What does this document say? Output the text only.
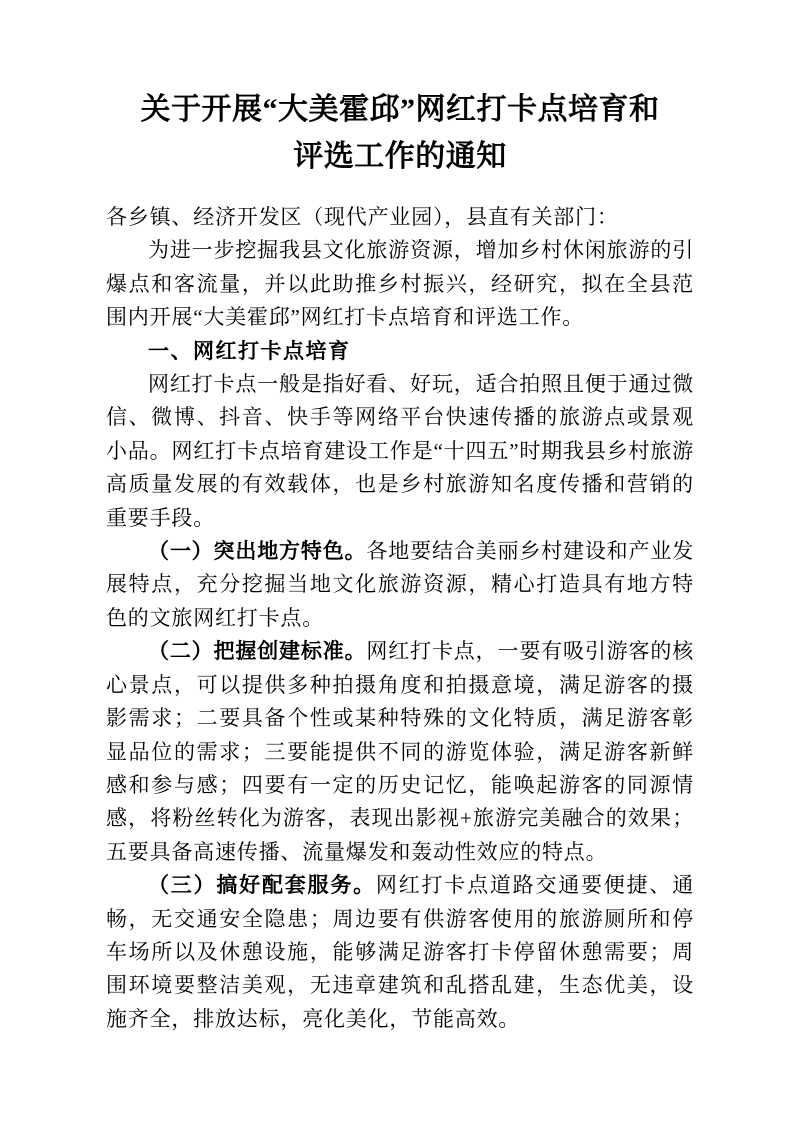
关于开展“大美霍邱”网红打卡点培育和
评选工作的通知

各乡镇、经济开发区（现代产业园），县直有关部门：

为进一步挖掘我县文化旅游资源，增加乡村休闲旅游的引爆点和客流量，并以此助推乡村振兴，经研究，拟在全县范围内开展“大美霍邱”网红打卡点培育和评选工作。

一、网红打卡点培育

网红打卡点一般是指好看、好玩，适合拍照且便于通过微信、微博、抖音、快手等网络平台快速传播的旅游点或景观小品。网红打卡点培育建设工作是“十四五”时期我县乡村旅游高质量发展的有效载体，也是乡村旅游知名度传播和营销的重要手段。

（一）突出地方特色。各地要结合美丽乡村建设和产业发展特点，充分挖掘当地文化旅游资源，精心打造具有地方特色的文旅网红打卡点。

（二）把握创建标准。网红打卡点，一要有吸引游客的核心景点，可以提供多种拍摄角度和拍摄意境，满足游客的摄影需求；二要具备个性或某种特殊的文化特质，满足游客彰显品位的需求；三要能提供不同的游览体验，满足游客新鲜感和参与感；四要有一定的历史记忆，能唤起游客的同源情感，将粉丝转化为游客，表现出影视+旅游完美融合的效果；五要具备高速传播、流量爆发和轰动性效应的特点。

（三）搞好配套服务。网红打卡点道路交通要便捷、通畅，无交通安全隐患；周边要有供游客使用的旅游厕所和停车场所以及休憩设施，能够满足游客打卡停留休憩需要；周围环境要整洁美观，无违章建筑和乱搭乱建，生态优美，设施齐全，排放达标，亮化美化，节能高效。
